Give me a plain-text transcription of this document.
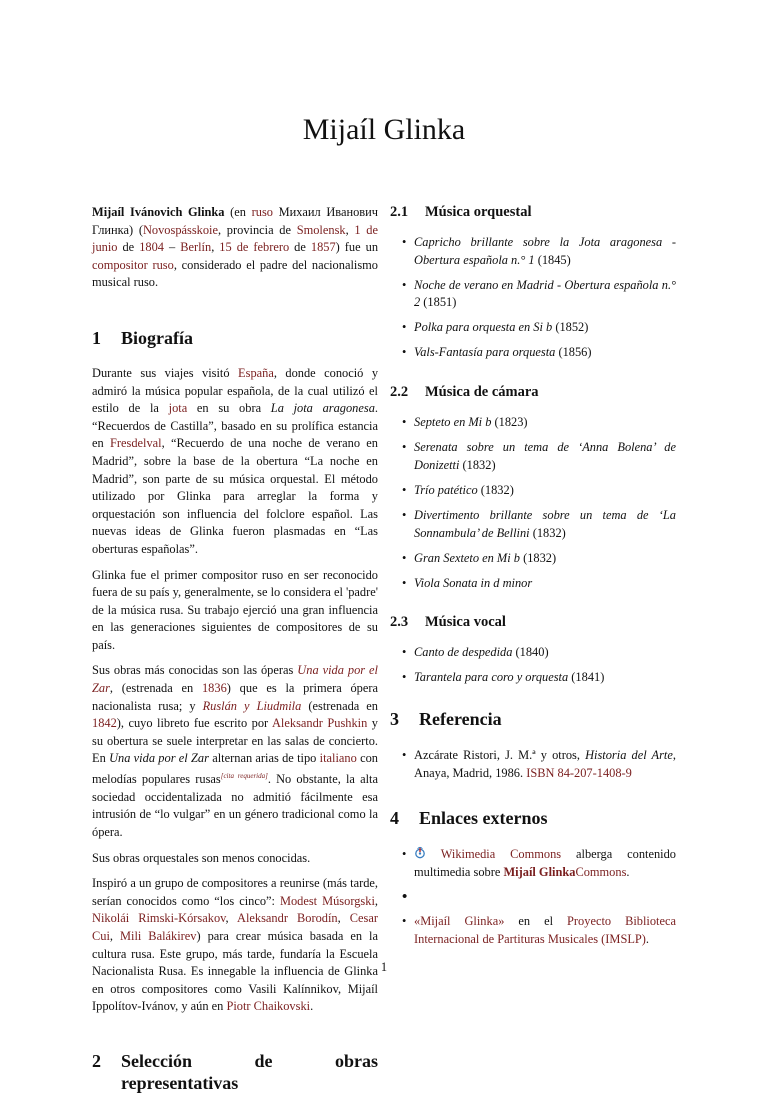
Mijaíl Glinka

Mijaíl Ivánovich Glinka (en ruso Михаил Иванович Глинка) (Novospásskoie, provincia de Smolensk, 1 de junio de 1804 – Berlín, 15 de febrero de 1857) fue un compositor ruso, considerado el padre del nacionalismo musical ruso.

1	Biografía

Durante sus viajes visitó España, donde conoció y admiró la música popular española, de la cual utilizó el estilo de la jota en su obra La jota aragonesa. “Recuerdos de Castilla”, basado en su prolífica estancia en Fresdelval, “Recuerdo de una noche de verano en Madrid”, sobre la base de la obertura “La noche en Madrid”, son parte de su música orquestal. El método utilizado por Glinka para arreglar la forma y orquestación son influencia del folclore español. Las nuevas ideas de Glinka fueron plasmadas en “Las oberturas españolas”.

Glinka fue el primer compositor ruso en ser reconocido fuera de su país y, generalmente, se lo considera el 'padre' de la música rusa. Su trabajo ejerció una gran influencia en las generaciones siguientes de compositores de su país.

Sus obras más conocidas son las óperas Una vida por el Zar, (estrenada en 1836) que es la primera ópera nacionalista rusa; y Ruslán y Liudmila (estrenada en 1842), cuyo libreto fue escrito por Aleksandr Pushkin y su obertura se suele interpretar en las salas de concierto. En Una vida por el Zar alternan arias de tipo italiano con melodías populares rusas[cita requerida]. No obstante, la alta sociedad occidentalizada no admitió fácilmente esa intrusión de “lo vulgar” en un género tradicional como la ópera.

Sus obras orquestales son menos conocidas.

Inspiró a un grupo de compositores a reunirse (más tarde, serían conocidos como “los cinco”: Modest Músorgski, Nikolái Rimski-Kórsakov, Aleksandr Borodín, Cesar Cui, Mili Balákirev) para crear música basada en la cultura rusa. Este grupo, más tarde, fundaría la Escuela Nacionalista Rusa. Es innegable la influencia de Glinka en otros compositores como Vasili Kalínnikov, Mijaíl Ippolítov-Ivánov, y aún en Piotr Chaikovski.

2	Selección de obras representativas
2.1	Música orquestal
• Capricho brillante sobre la Jota aragonesa - Obertura española n.° 1 (1845)
• Noche de verano en Madrid - Obertura española n.° 2 (1851)
• Polka para orquesta en Si b (1852)
• Vals-Fantasía para orquesta (1856)
2.2	Música de cámara
• Septeto en Mi b (1823)
• Serenata sobre un tema de ‘Anna Bolena’ de Donizetti (1832)
• Trío patético (1832)
• Divertimento brillante sobre un tema de ‘La Sonnambula’ de Bellini (1832)
• Gran Sexteto en Mi b (1832)
• Viola Sonata in d minor
2.3	Música vocal
• Canto de despedida (1840)
• Tarantela para coro y orquesta (1841)
3	Referencia
• Azcárate Ristori, J. M.ª y otros, Historia del Arte, Anaya, Madrid, 1986. ISBN 84-207-1408-9
4	Enlaces externos
•	Wikimedia Commons alberga contenido multimedia sobre Mijaíl GlinkaCommons.
•
• «Mijaíl Glinka» en el Proyecto Biblioteca Internacional de Partituras Musicales (IMSLP).
1
